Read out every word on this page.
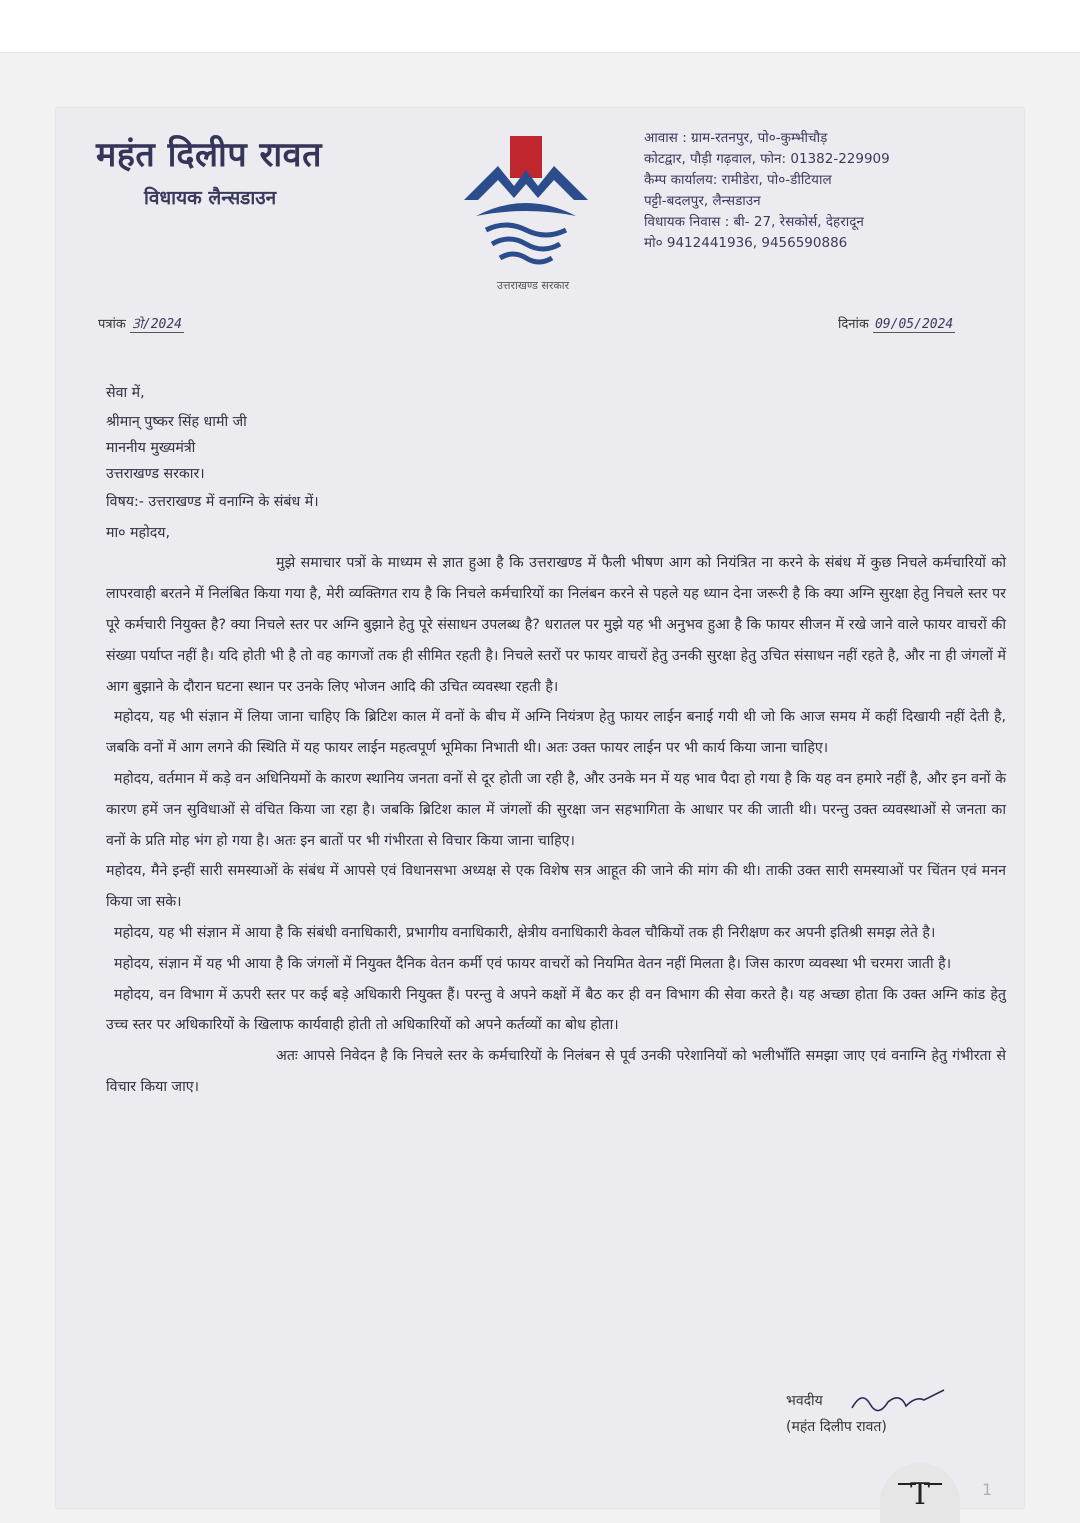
महंत दिलीप रावत
विधायक लैन्सडाउन
उत्तराखण्ड सरकार
आवास : ग्राम-रतनपुर, पो०-कुम्भीचौड़
कोटद्वार, पौड़ी गढ़वाल, फोन: 01382-229909
कैम्प कार्यालय: रामीडेरा, पो०-डीटियाल
पट्टी-बदलपुर, लैन्सडाउन
विधायक निवास : बी- 27, रेसकोर्स, देहरादून
मो० 9412441936, 9456590886
पत्रांक 3ो/2024	दिनांक 09/05/2024

सेवा में,

श्रीमान् पुष्कर सिंह धामी जी

माननीय मुख्यमंत्री

उत्तराखण्ड सरकार।

विषय:- उत्तराखण्ड में वनाग्नि के संबंध में।

मा० महोदय,

मुझे समाचार पत्रों के माध्यम से ज्ञात हुआ है कि उत्तराखण्ड में फैली भीषण आग को नियंत्रित ना करने के संबंध में कुछ निचले कर्मचारियों को लापरवाही बरतने में निलंबित किया गया है, मेरी व्यक्तिगत राय है कि निचले कर्मचारियों का निलंबन करने से पहले यह ध्यान देना जरूरी है कि क्या अग्नि सुरक्षा हेतु निचले स्तर पर पूरे कर्मचारी नियुक्त है? क्या निचले स्तर पर अग्नि बुझाने हेतु पूरे संसाधन उपलब्ध है? धरातल पर मुझे यह भी अनुभव हुआ है कि फायर सीजन में रखे जाने वाले फायर वाचरों की संख्या पर्याप्त नहीं है। यदि होती भी है तो वह कागजों तक ही सीमित रहती है। निचले स्तरों पर फायर वाचरों हेतु उनकी सुरक्षा हेतु उचित संसाधन नहीं रहते है, और ना ही जंगलों में आग बुझाने के दौरान घटना स्थान पर उनके लिए भोजन आदि की उचित व्यवस्था रहती है।

महोदय, यह भी संज्ञान में लिया जाना चाहिए कि ब्रिटिश काल में वनों के बीच में अग्नि नियंत्रण हेतु फायर लाईन बनाई गयी थी जो कि आज समय में कहीं दिखायी नहीं देती है, जबकि वनों में आग लगने की स्थिति में यह फायर लाईन महत्वपूर्ण भूमिका निभाती थी। अतः उक्त फायर लाईन पर भी कार्य किया जाना चाहिए।

महोदय, वर्तमान में कड़े वन अधिनियमों के कारण स्थानिय जनता वनों से दूर होती जा रही है, और उनके मन में यह भाव पैदा हो गया है कि यह वन हमारे नहीं है, और इन वनों के कारण हमें जन सुविधाओं से वंचित किया जा रहा है। जबकि ब्रिटिश काल में जंगलों की सुरक्षा जन सहभागिता के आधार पर की जाती थी। परन्तु उक्त व्यवस्थाओं से जनता का वनों के प्रति मोह भंग हो गया है। अतः इन बातों पर भी गंभीरता से विचार किया जाना चाहिए।

महोदय, मैने इन्हीं सारी समस्याओं के संबंध में आपसे एवं विधानसभा अध्यक्ष से एक विशेष सत्र आहूत की जाने की मांग की थी। ताकी उक्त सारी समस्याओं पर चिंतन एवं मनन किया जा सके।

महोदय, यह भी संज्ञान में आया है कि संबंधी वनाधिकारी, प्रभागीय वनाधिकारी, क्षेत्रीय वनाधिकारी केवल चौकियों तक ही निरीक्षण कर अपनी इतिश्री समझ लेते है।

महोदय, संज्ञान में यह भी आया है कि जंगलों में नियुक्त दैनिक वेतन कर्मी एवं फायर वाचरों को नियमित वेतन नहीं मिलता है। जिस कारण व्यवस्था भी चरमरा जाती है।

महोदय, वन विभाग में ऊपरी स्तर पर कई बड़े अधिकारी नियुक्त हैं। परन्तु वे अपने कक्षों में बैठ कर ही वन विभाग की सेवा करते है। यह अच्छा होता कि उक्त अग्नि कांड हेतु उच्च स्तर पर अधिकारियों के खिलाफ कार्यवाही होती तो अधिकारियों को अपने कर्तव्यों का बोध होता।

अतः आपसे निवेदन है कि निचले स्तर के कर्मचारियों के निलंबन से पूर्व उनकी परेशानियों को भलीभाँति समझा जाए एवं वनाग्नि हेतु गंभीरता से विचार किया जाए।

भवदीय
(महंत दिलीप रावत)
T	1
